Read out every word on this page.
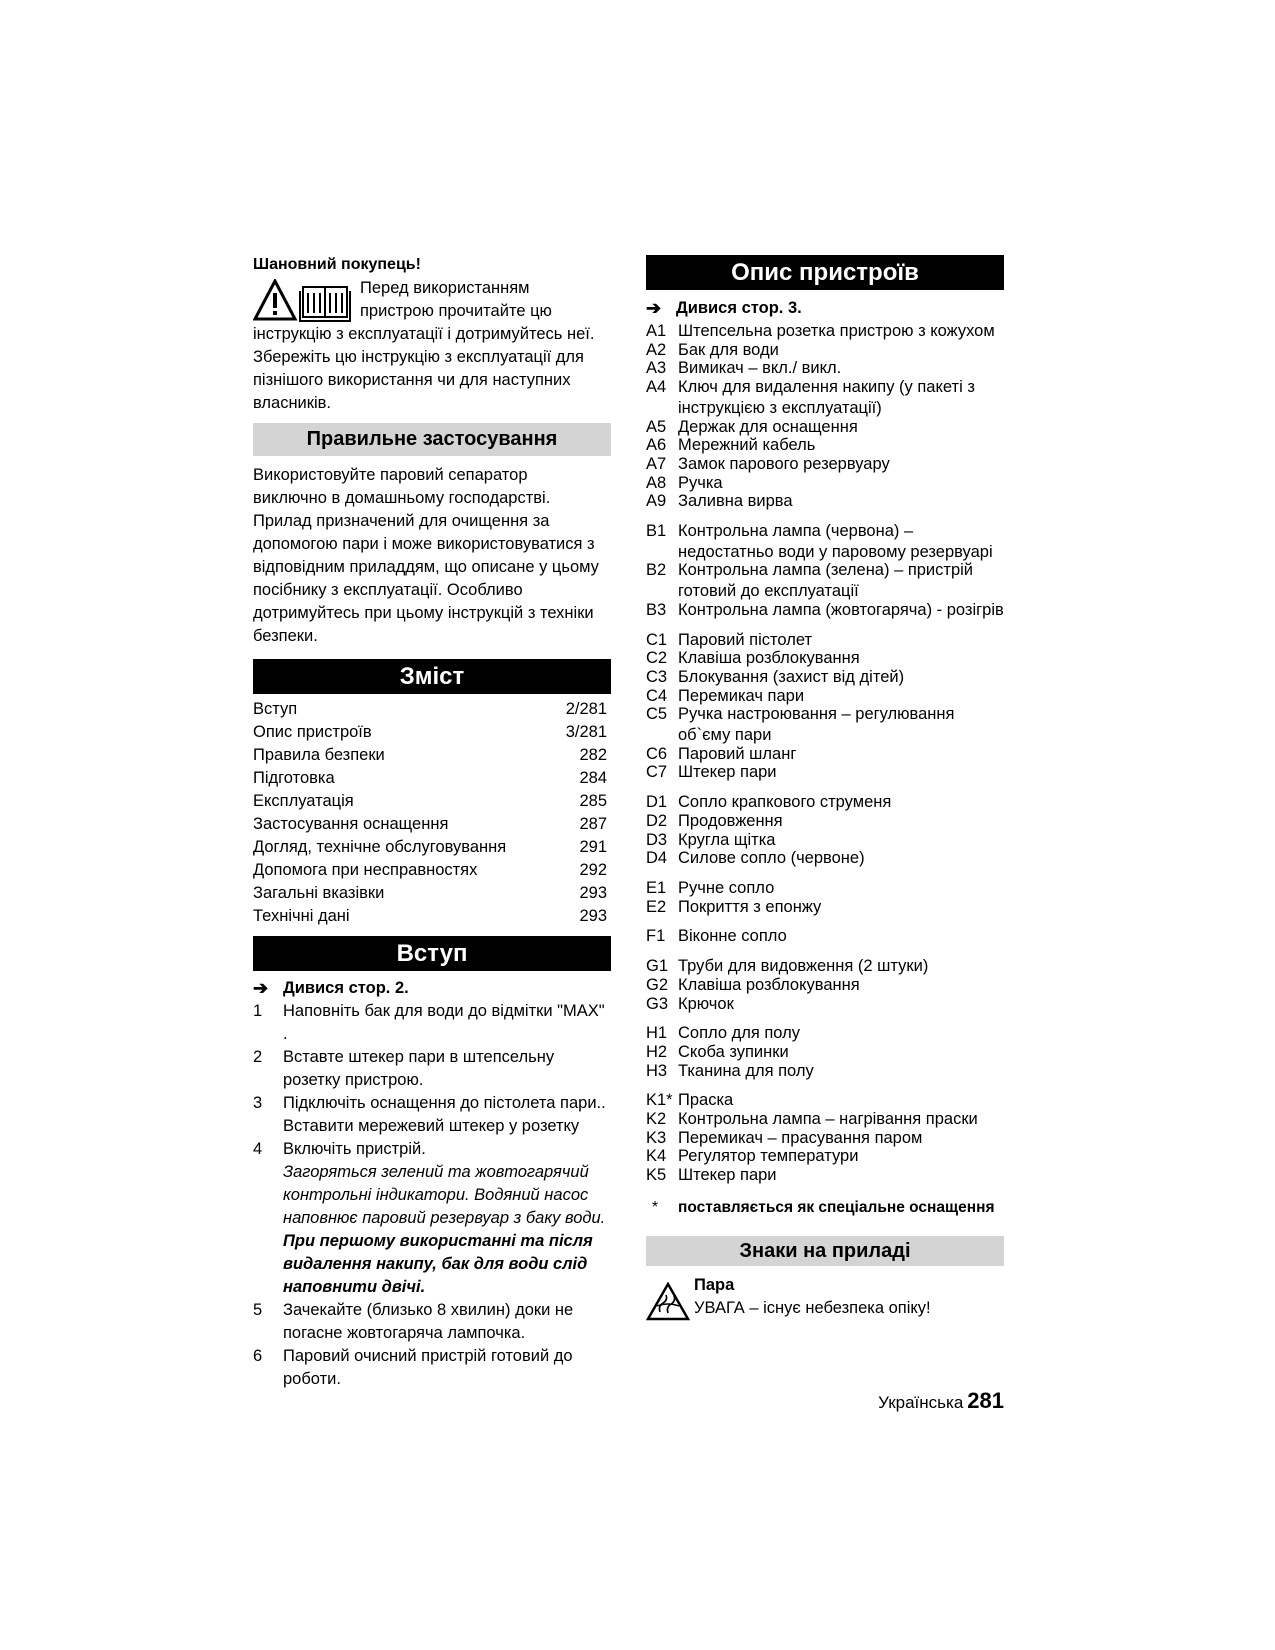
Шановний покупець!
Перед використанням
пристрою прочитайте цю
інструкцію з експлуатації і дотримуйтесь неї.
Збережіть цю інструкцію з експлуатації для
пізнішого використання чи для наступних
власників.
Правильне застосування
Використовуйте паровий сепаратор
виключно в домашньому господарстві.
Прилад призначений для очищення за
допомогою пари і може використовуватися з
відповідним приладдям, що описане у цьому
посібнику з експлуатації. Особливо
дотримуйтесь при цьому інструкцій з техніки
безпеки.
Зміст
Вступ	2/281
Опис пристроїв	3/281
Правила безпеки	282
Підготовка	284
Експлуатація	285
Застосування оснащення	287
Догляд, технічне обслуговування	291
Допомога при несправностях	292
Загальні вказівки	293
Технічні дані	293
Вступ
➔ Дивися стор. 2.
1	Наповніть бак для води до відмітки "MAX" .
2	Вставте штекер пари в штепсельну
розетку пристрою.
3	Підключіть оснащення до пістолета пари..
Вставити мережевий штекер у розетку
4	Включіть пристрій.
Загоряться зелений та жовтогарячий
контрольні індикатори. Водяний насос
наповнює паровий резервуар з баку води.
При першому використанні та після
видалення накипу, бак для води слід
наповнити двічі.
5	Зачекайте (близько 8 хвилин) доки не
погасне жовтогаряча лампочка.
6	Паровий очисний пристрій готовий до
роботи.
Опис пристроїв
➔ Дивися стор. 3.
A1 Штепсельна розетка пристрою з кожухом
A2 Бак для води
A3 Вимикач – вкл./ викл.
A4 Ключ для видалення накипу (у пакеті з
інструкцією з експлуатації)
A5 Держак для оснащення
A6 Мережний кабель
A7 Замок парового резервуару
A8 Ручка
A9 Заливна вирва
B1 Контрольна лампа (червона) –
недостатньо води у паровому резервуарі
B2 Контрольна лампа (зелена) – пристрій
готовий до експлуатації
B3 Контрольна лампа (жовтогаряча) - розігрів
C1 Паровий пістолет
C2 Клавіша розблокування
C3 Блокування (захист від дітей)
C4 Перемикач пари
C5 Ручка настроювання – регулювання
об`єму пари
C6 Паровий шланг
C7 Штекер пари
D1 Сопло крапкового струменя
D2 Продовження
D3 Кругла щітка
D4 Силове сопло (червоне)
E1 Ручне сопло
E2 Покриття з епонжу
F1 Віконне сопло
G1 Труби для видовження (2 штуки)
G2 Клавіша розблокування
G3 Крючок
H1 Сопло для полу
H2 Скоба зупинки
H3 Тканина для полу
K1* Праска
K2 Контрольна лампа – нагрівання праски
K3 Перемикач – прасування паром
K4 Регулятор температури
K5 Штекер пари
*	поставляється як спеціальне оснащення
Знаки на приладі
Пара
УВАГА – існує небезпека опіку!
Українська 281
